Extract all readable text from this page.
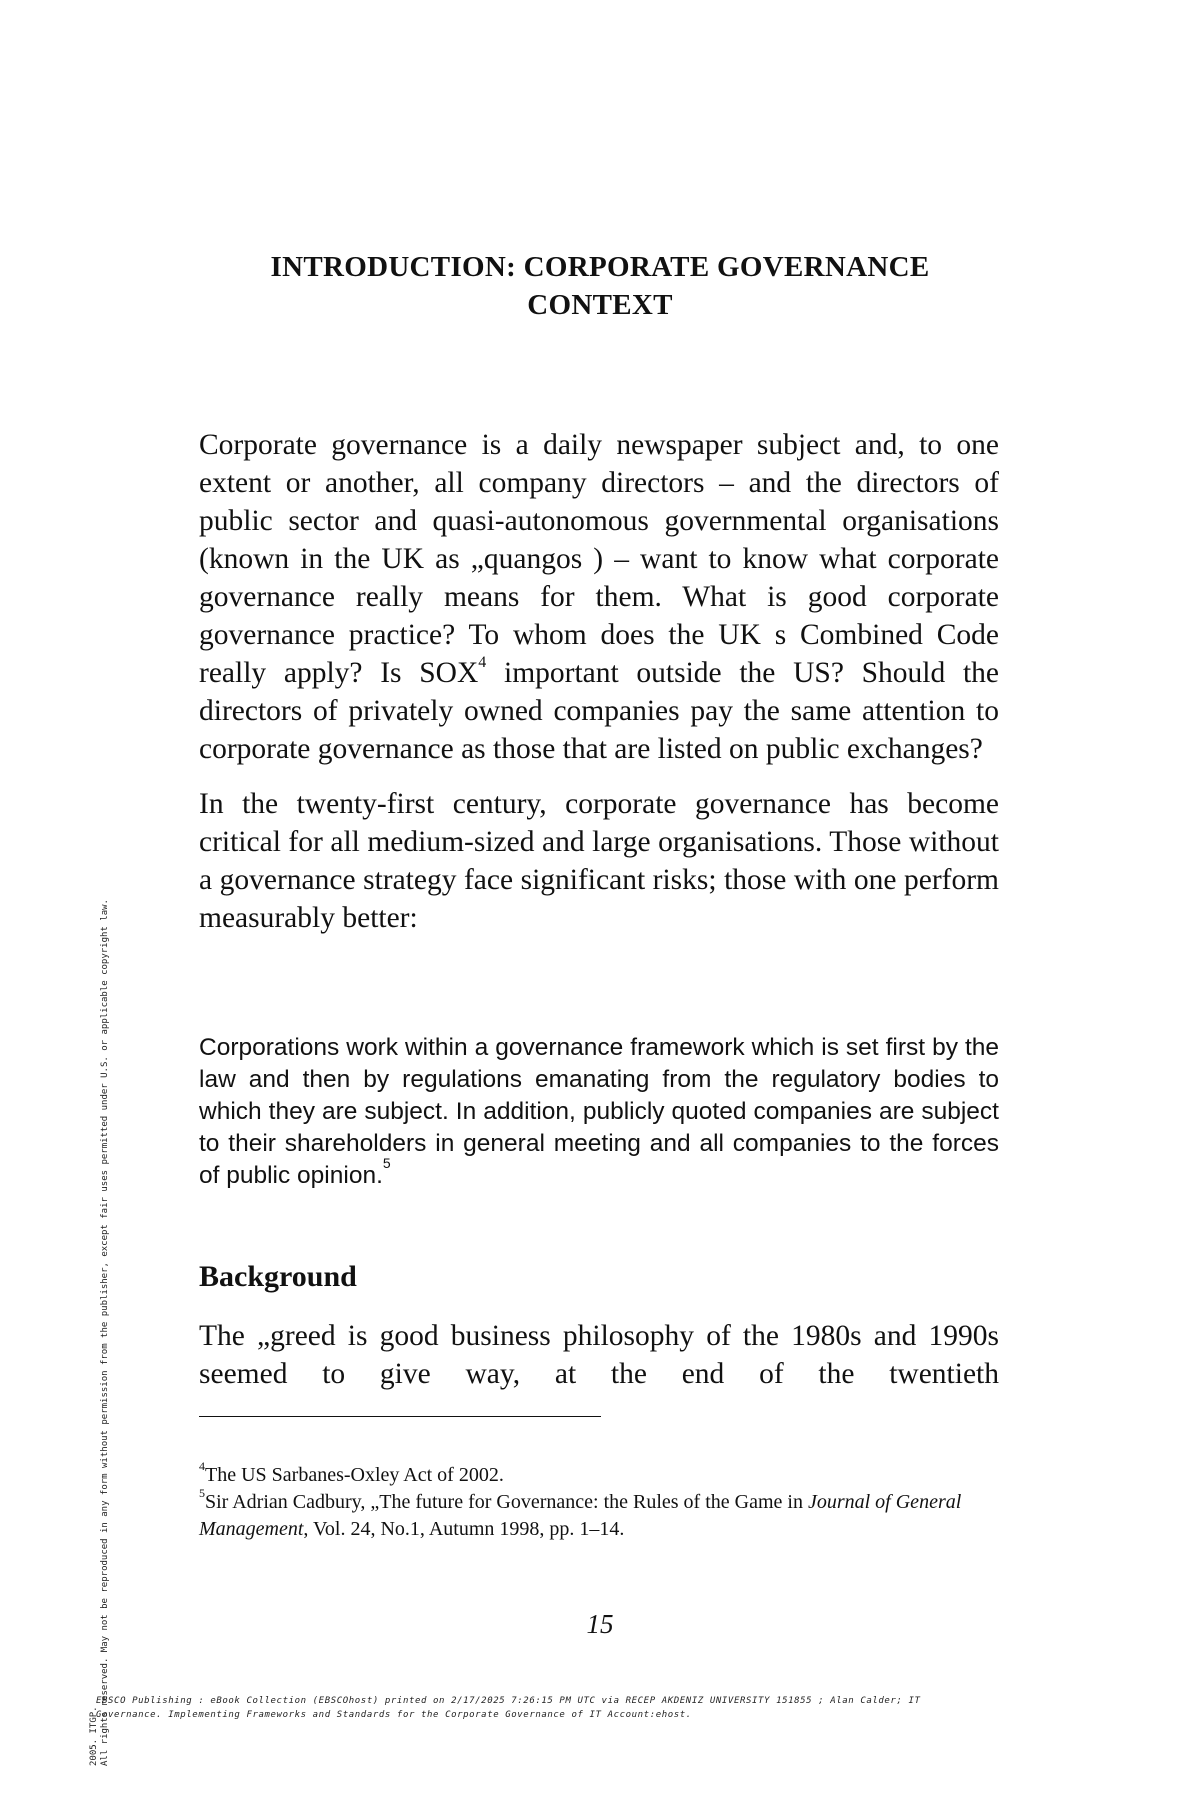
INTRODUCTION: CORPORATE GOVERNANCE
CONTEXT

Corporate governance is a daily newspaper subject and, to one extent or another, all company directors – and the directors of public sector and quasi-autonomous governmental organisations (known in the UK as „quangos ) – want to know what corporate governance really means for them. What is good corporate governance practice? To whom does the UK s Combined Code really apply? Is SOX$^4$ important outside the US? Should the directors of privately owned companies pay the same attention to corporate governance as those that are listed on public exchanges?

In the twenty-first century, corporate governance has become critical for all medium-sized and large organisations. Those without a governance strategy face significant risks; those with one perform measurably better:

Corporations work within a governance framework which is set first by the law and then by regulations emanating from the regulatory bodies to which they are subject. In addition, publicly quoted companies are subject to their shareholders in general meeting and all companies to the forces of public opinion.$^5$
Background
The „greed is good business philosophy of the 1980s and 1990s seemed to give way, at the end of the twentieth
$^4$The US Sarbanes-Oxley Act of 2002.
$^5$Sir Adrian Cadbury, „The future for Governance: the Rules of the Game in Journal of General Management, Vol. 24, No.1, Autumn 1998, pp. 1–14.
15
2005. ITGP. All rights reserved. May not be reproduced in any form without permission from the publisher, except fair uses permitted under U.S. or applicable copyright law.
EBSCO Publishing : eBook Collection (EBSCOhost) printed on 2/17/2025 7:26:15 PM UTC via RECEP AKDENIZ UNIVERSITY 151855 ; Alan Calder; IT
Governance. Implementing Frameworks and Standards for the Corporate Governance of IT Account:ehost.
